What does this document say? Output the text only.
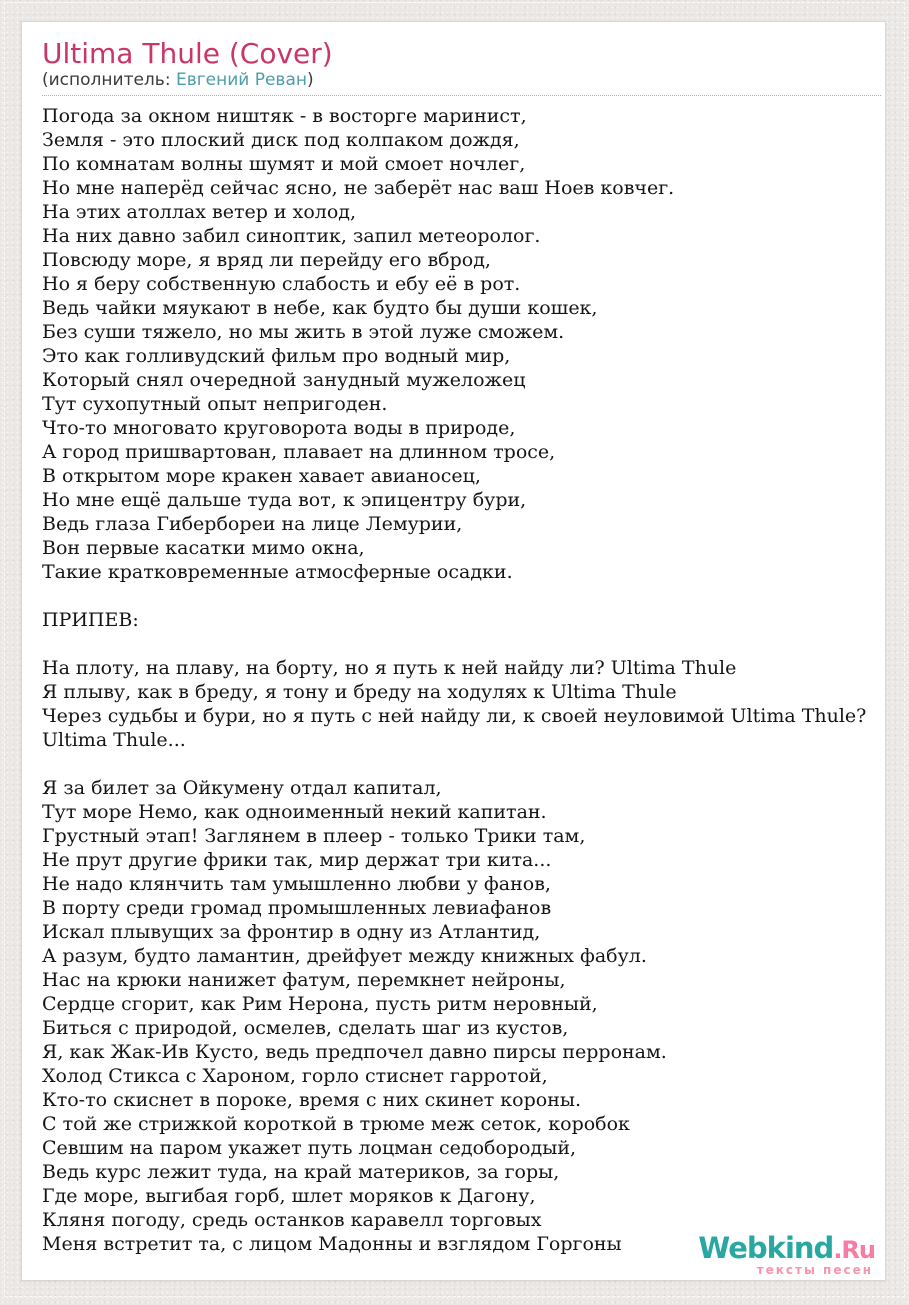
Ultima Thule (Cover)
(исполнитель: Евгений Реван)
Погода за окном ништяк - в восторге маринист,
Земля - это плоский диск под колпаком дождя,
По комнатам волны шумят и мой смоет ночлег,
Но мне наперёд сейчас ясно, не заберёт нас ваш Ноев ковчег.
На этих атоллах ветер и холод,
На них давно забил синоптик, запил метеоролог.
Повсюду море, я вряд ли перейду его вброд,
Но я беру собственную слабость и ебу её в рот.
Ведь чайки мяукают в небе, как будто бы души кошек,
Без суши тяжело, но мы жить в этой луже сможем.
Это как голливудский фильм про водный мир,
Который снял очередной занудный мужеложец
Тут сухопутный опыт непригоден.
Что-то многовато круговорота воды в природе,
А город пришвартован, плавает на длинном тросе,
В открытом море кракен хавает авианосец,
Но мне ещё дальше туда вот, к эпицентру бури,
Ведь глаза Гибербореи на лице Лемурии,
Вон первые касатки мимо окна,
Такие кратковременные атмосферные осадки.

ПРИПЕВ:

На плоту, на плаву, на борту, но я путь к ней найду ли? Ultima Thule
Я плыву, как в бреду, я тону и бреду на ходулях к Ultima Thule
Через судьбы и бури, но я путь с ней найду ли, к своей неуловимой Ultima Thule?
Ultima Thule...

Я за билет за Ойкумену отдал капитал,
Тут море Немо, как одноименный некий капитан.
Грустный этап! Заглянем в плеер - только Трики там,
Не прут другие фрики так, мир держат три кита...
Не надо клянчить там умышленно любви у фанов,
В порту среди громад промышленных левиафанов
Искал плывущих за фронтир в одну из Атлантид,
А разум, будто ламантин, дрейфует между книжных фабул.
Нас на крюки нанижет фатум, перемкнет нейроны,
Сердце сгорит, как Рим Нерона, пусть ритм неровный,
Биться с природой, осмелев, сделать шаг из кустов,
Я, как Жак-Ив Кусто, ведь предпочел давно пирсы перронам.
Холод Стикса с Хароном, горло стиснет гарротой,
Кто-то скиснет в пороке, время с них скинет короны.
С той же стрижкой короткой в трюме меж сеток, коробок
Севшим на паром укажет путь лоцман седобородый,
Ведь курс лежит туда, на край материков, за горы,
Где море, выгибая горб, шлет моряков к Дагону,
Кляня погоду, средь останков каравелл торговых
Меня встретит та, с лицом Мадонны и взглядом Горгоны	Webkind.Ru
тексты песен
